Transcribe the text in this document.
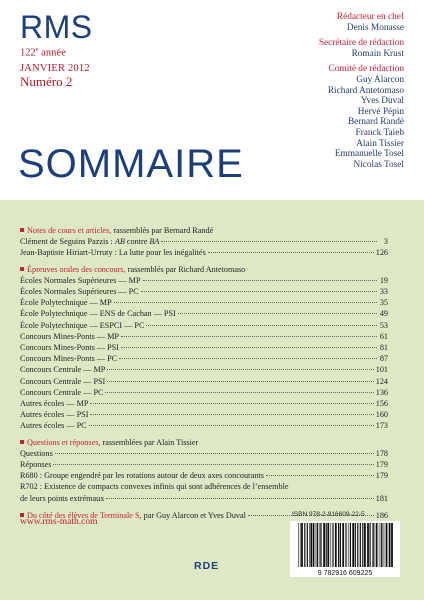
RMS
122e année
JANVIER 2012
Numéro 2
Rédacteur en chef
Denis Monasse
Secrétaire de rédaction
Romain Krust
Comité de rédaction
Guy Alarcon
Richard Antetomaso
Yves Duval
Hervé Pépin
Bernard Randé
Franck Taieb
Alain Tissier
Emmanuelle Tosel
Nicolas Tosel
SOMMAIRE
Notes de cours et articles, rassemblés par Bernard Randé
Clément de Seguins Pazzis : AB contre BA	3
Jean-Baptiste Hiriart-Urruty : La lutte pour les inégalités	126
Épreuves orales des concours, rassemblés par Richard Antetomaso
Écoles Normales Supérieures — MP	19
Écoles Normales Supérieures — PC	33
École Polytechnique — MP	35
École Polytechnique — ENS de Cachan — PSI	49
École Polytechnique — ESPCI — PC	53
Concours Mines-Ponts — MP	61
Concours Mines-Ponts — PSI	81
Concours Mines-Ponts — PC	87
Concours Centrale — MP	101
Concours Centrale — PSI	124
Concours Centrale — PC	136
Autres écoles — MP	156
Autres écoles — PSI	160
Autres écoles — PC	173
Questions et réponses, rassemblées par Alain Tissier
Questions	178
Réponses	179
R680 : Groupe engendré par les rotations autour de deux axes concourants	179
R702 : Existence de compacts convexes infinis qui sont adhérences de l’ensemble
de leurs points extrémaux	181
Du côté des élèves de Terminale S, par Guy Alarcon et Yves Duval	186
www.rms-math.com
ISBN 978-2-916609-22-5
9 782916 609225
RDE
